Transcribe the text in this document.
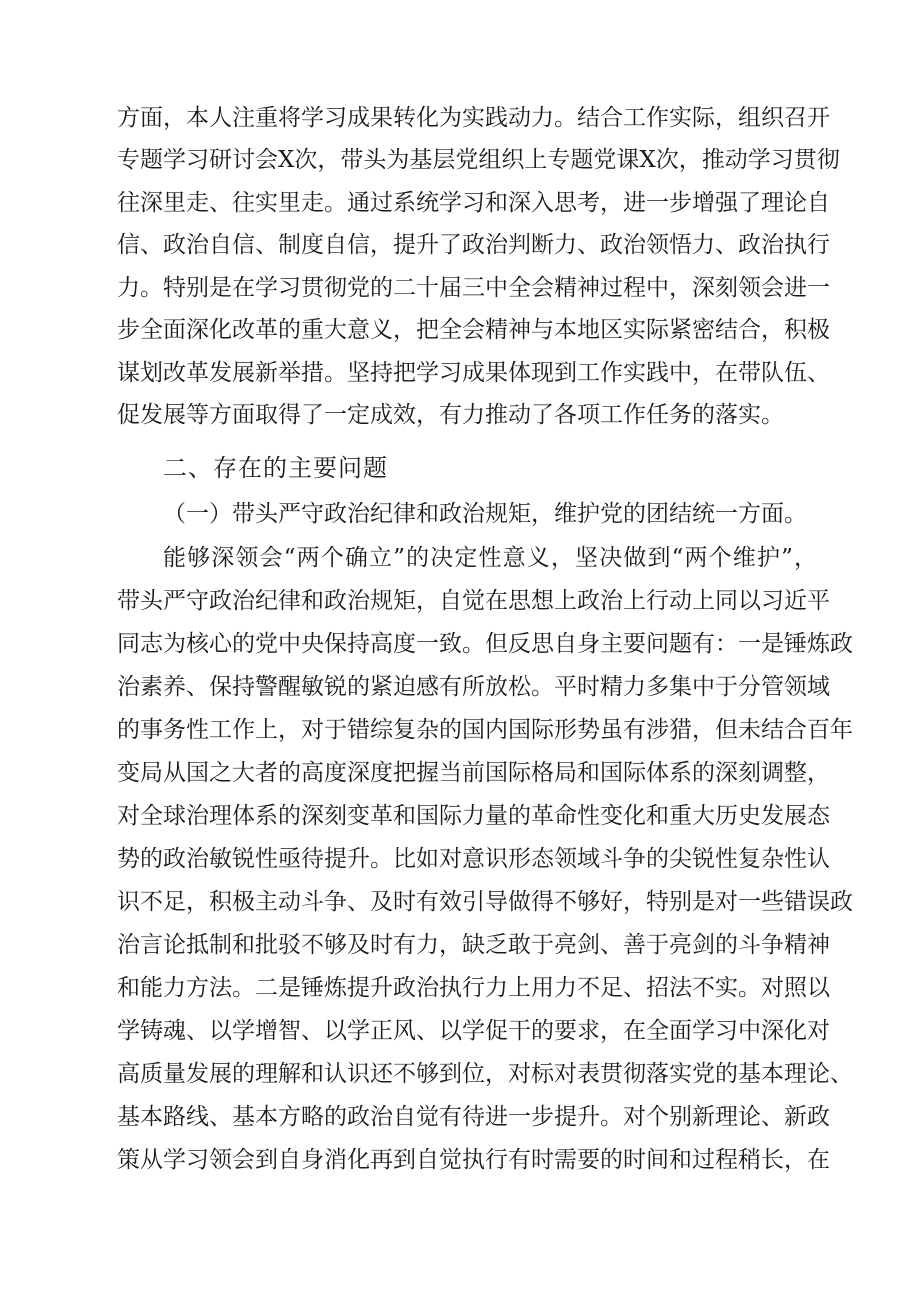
方面，本人注重将学习成果转化为实践动力。结合工作实际，组织召开
专题学习研讨会X次，带头为基层党组织上专题党课X次，推动学习贯彻
往深里走、往实里走。通过系统学习和深入思考，进一步增强了理论自
信、政治自信、制度自信，提升了政治判断力、政治领悟力、政治执行
力。特别是在学习贯彻党的二十届三中全会精神过程中，深刻领会进一
步全面深化改革的重大意义，把全会精神与本地区实际紧密结合，积极
谋划改革发展新举措。坚持把学习成果体现到工作实践中，在带队伍、
促发展等方面取得了一定成效，有力推动了各项工作任务的落实。
二、存在的主要问题
（一）带头严守政治纪律和政治规矩，维护党的团结统一方面。
能够深领会“两个确立”的决定性意义，坚决做到“两个维护”，
带头严守政治纪律和政治规矩，自觉在思想上政治上行动上同以习近平
同志为核心的党中央保持高度一致。但反思自身主要问题有：一是锤炼政
治素养、保持警醒敏锐的紧迫感有所放松。平时精力多集中于分管领域
的事务性工作上，对于错综复杂的国内国际形势虽有涉猎，但未结合百年
变局从国之大者的高度深度把握当前国际格局和国际体系的深刻调整，
对全球治理体系的深刻变革和国际力量的革命性变化和重大历史发展态
势的政治敏锐性亟待提升。比如对意识形态领域斗争的尖锐性复杂性认
识不足，积极主动斗争、及时有效引导做得不够好，特别是对一些错误政
治言论抵制和批驳不够及时有力，缺乏敢于亮剑、善于亮剑的斗争精神
和能力方法。二是锤炼提升政治执行力上用力不足、招法不实。对照以
学铸魂、以学增智、以学正风、以学促干的要求，在全面学习中深化对
高质量发展的理解和认识还不够到位，对标对表贯彻落实党的基本理论、
基本路线、基本方略的政治自觉有待进一步提升。对个别新理论、新政
策从学习领会到自身消化再到自觉执行有时需要的时间和过程稍长，在
